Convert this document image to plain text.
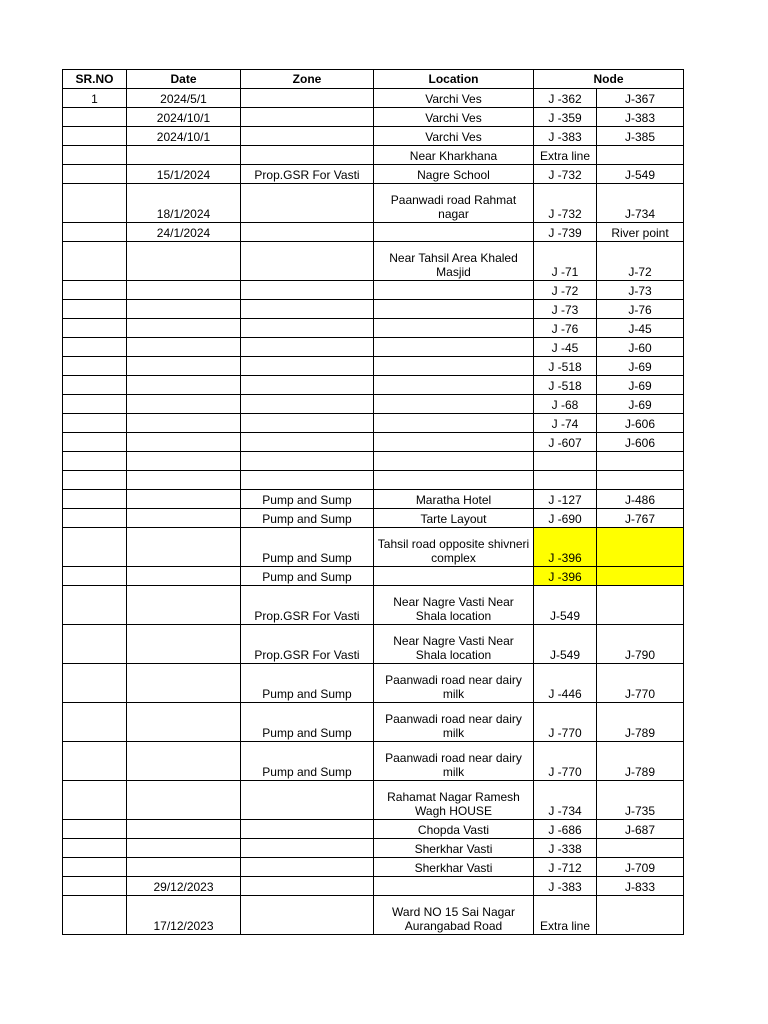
SR.NO	Date	Zone	Location	Node	
1	2024/5/1		Varchi Ves	J -362	J-367
	2024/10/1		Varchi Ves	J -359	J-383
	2024/10/1		Varchi Ves	J -383	J-385
			Near Kharkhana	Extra line	
	15/1/2024	Prop.GSR For Vasti	Nagre School	J -732	J-549
	18/1/2024		Paanwadi road Rahmat nagar	J -732	J-734
	24/1/2024			J -739	River point
			Near Tahsil Area Khaled Masjid	J -71	J-72
				J -72	J-73
				J -73	J-76
				J -76	J-45
				J -45	J-60
				J -518	J-69
				J -518	J-69
				J -68	J-69
				J -74	J-606
				J -607	J-606

		Pump and Sump	Maratha Hotel	J -127	J-486
		Pump and Sump	Tarte Layout	J -690	J-767
		Pump and Sump	Tahsil road opposite shivneri complex	J -396	
		Pump and Sump		J -396	
		Prop.GSR For Vasti	Near Nagre Vasti Near Shala location	J-549	
		Prop.GSR For Vasti	Near Nagre Vasti Near Shala location	J-549	J-790
		Pump and Sump	Paanwadi road near dairy milk	J -446	J-770
		Pump and Sump	Paanwadi road near dairy milk	J -770	J-789
		Pump and Sump	Paanwadi road near dairy milk	J -770	J-789
			Rahamat Nagar Ramesh Wagh HOUSE	J -734	J-735
			Chopda Vasti	J -686	J-687
			Sherkhar Vasti	J -338	
			Sherkhar Vasti	J -712	J-709
	29/12/2023			J -383	J-833
	17/12/2023		Ward NO 15 Sai Nagar Aurangabad Road	Extra line	
